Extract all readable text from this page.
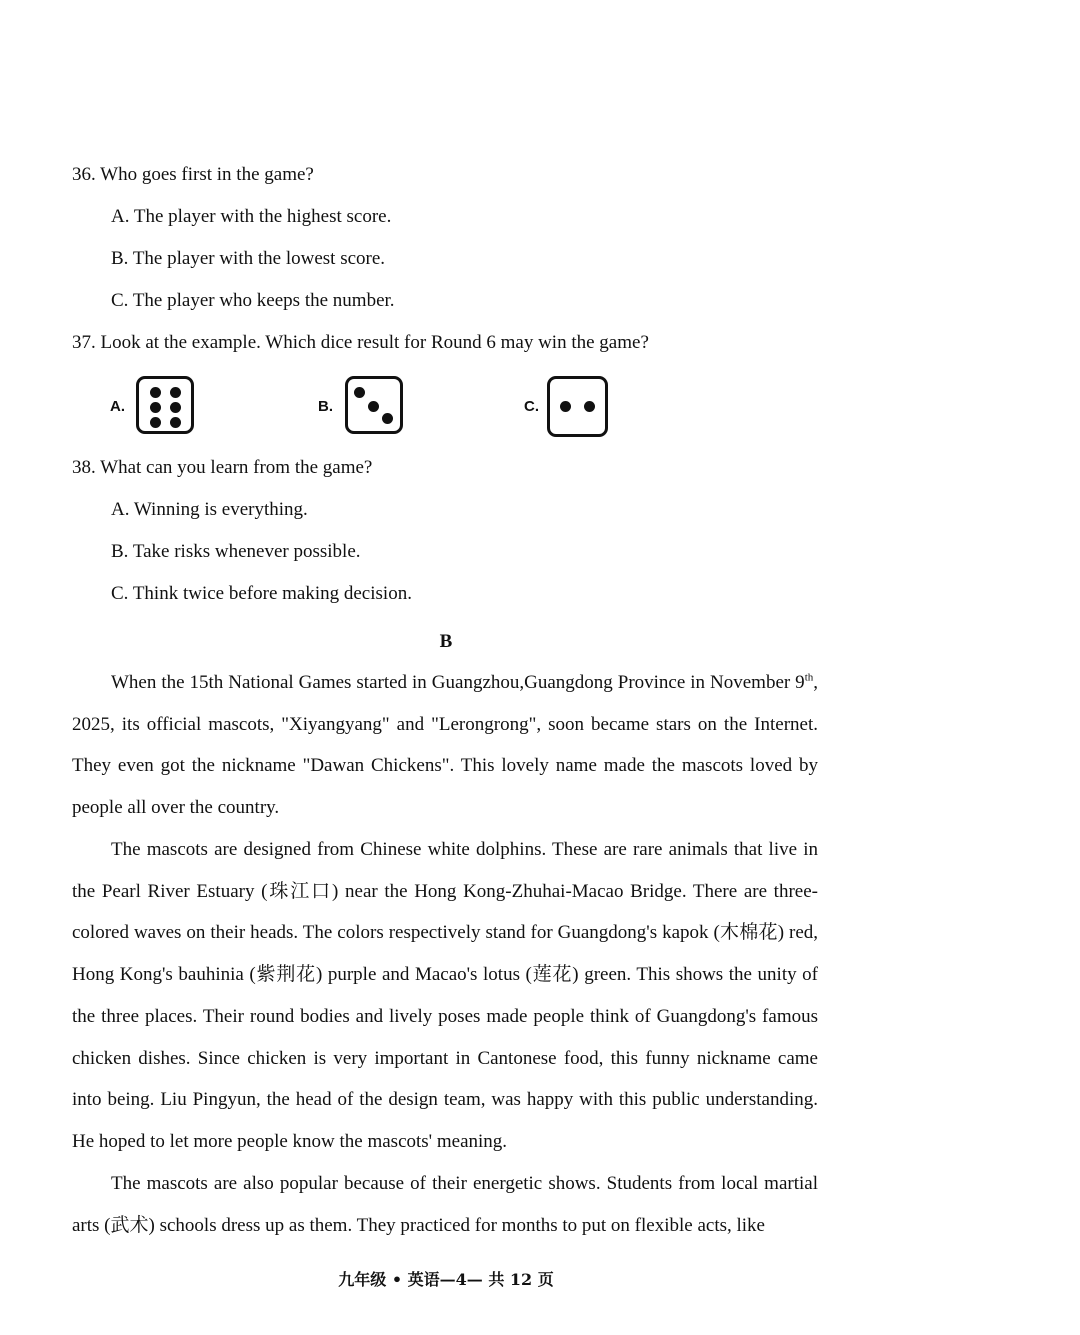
36. Who goes first in the game?
A. The player with the highest score.
B. The player with the lowest score.
C. The player who keeps the number.
37. Look at the example. Which dice result for Round 6 may win the game?
A.	B.	C.
38. What can you learn from the game?
A. Winning is everything.
B. Take risks whenever possible.
C. Think twice before making decision.
B

When the 15th National Games started in Guangzhou,Guangdong Province in November 9th, 2025, its official mascots, "Xiyangyang" and "Lerongrong", soon became stars on the Internet. They even got the nickname "Dawan Chickens". This lovely name made the mascots loved by people all over the country.

The mascots are designed from Chinese white dolphins. These are rare animals that live in the Pearl River Estuary (珠江口) near the Hong Kong-Zhuhai-Macao Bridge. There are three-colored waves on their heads. The colors respectively stand for Guangdong's kapok (木棉花) red, Hong Kong's bauhinia (紫荆花) purple and Macao's lotus (莲花) green. This shows the unity of the three places. Their round bodies and lively poses made people think of Guangdong's famous chicken dishes. Since chicken is very important in Cantonese food, this funny nickname came into being. Liu Pingyun, the head of the design team, was happy with this public understanding. He hoped to let more people know the mascots' meaning.

The mascots are also popular because of their energetic shows. Students from local martial arts (武术) schools dress up as them. They practiced for months to put on flexible acts, like

九年级 • 英语—4— 共 12 页
